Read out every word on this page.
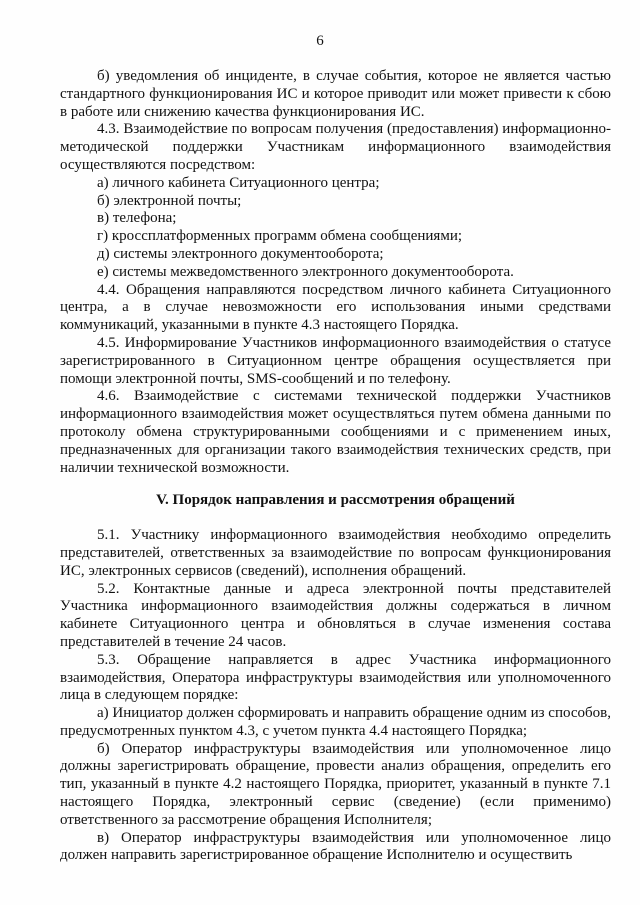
6

б) уведомления об инциденте, в случае события, которое не является частью стандартного функционирования ИС и которое приводит или может привести к сбою в работе или снижению качества функционирования ИС.

4.3. Взаимодействие по вопросам получения (предоставления) информационно-методической поддержки Участникам информационного взаимодействия осуществляются посредством:

а) личного кабинета Ситуационного центра;

б) электронной почты;

в) телефона;

г) кроссплатформенных программ обмена сообщениями;

д) системы электронного документооборота;

е) системы межведомственного электронного документооборота.

4.4. Обращения направляются посредством личного кабинета Ситуационного центра, а в случае невозможности его использования иными средствами коммуникаций, указанными в пункте 4.3 настоящего Порядка.

4.5. Информирование Участников информационного взаимодействия о статусе зарегистрированного в Ситуационном центре обращения осуществляется при помощи электронной почты, SMS-сообщений и по телефону.

4.6. Взаимодействие с системами технической поддержки Участников информационного взаимодействия может осуществляться путем обмена данными по протоколу обмена структурированными сообщениями и с применением иных, предназначенных для организации такого взаимодействия технических средств, при наличии технической возможности.

V. Порядок направления и рассмотрения обращений

5.1. Участнику информационного взаимодействия необходимо определить представителей, ответственных за взаимодействие по вопросам функционирования ИС, электронных сервисов (сведений), исполнения обращений.

5.2. Контактные данные и адреса электронной почты представителей Участника информационного взаимодействия должны содержаться в личном кабинете Ситуационного центра и обновляться в случае изменения состава представителей в течение 24 часов.

5.3. Обращение направляется в адрес Участника информационного взаимодействия, Оператора инфраструктуры взаимодействия или уполномоченного лица в следующем порядке:

а) Инициатор должен сформировать и направить обращение одним из способов, предусмотренных пунктом 4.3, с учетом пункта 4.4 настоящего Порядка;

б) Оператор инфраструктуры взаимодействия или уполномоченное лицо должны зарегистрировать обращение, провести анализ обращения, определить его тип, указанный в пункте 4.2 настоящего Порядка, приоритет, указанный в пункте 7.1 настоящего Порядка, электронный сервис (сведение) (если применимо) ответственного за рассмотрение обращения Исполнителя;

в) Оператор инфраструктуры взаимодействия или уполномоченное лицо должен направить зарегистрированное обращение Исполнителю и осуществить
